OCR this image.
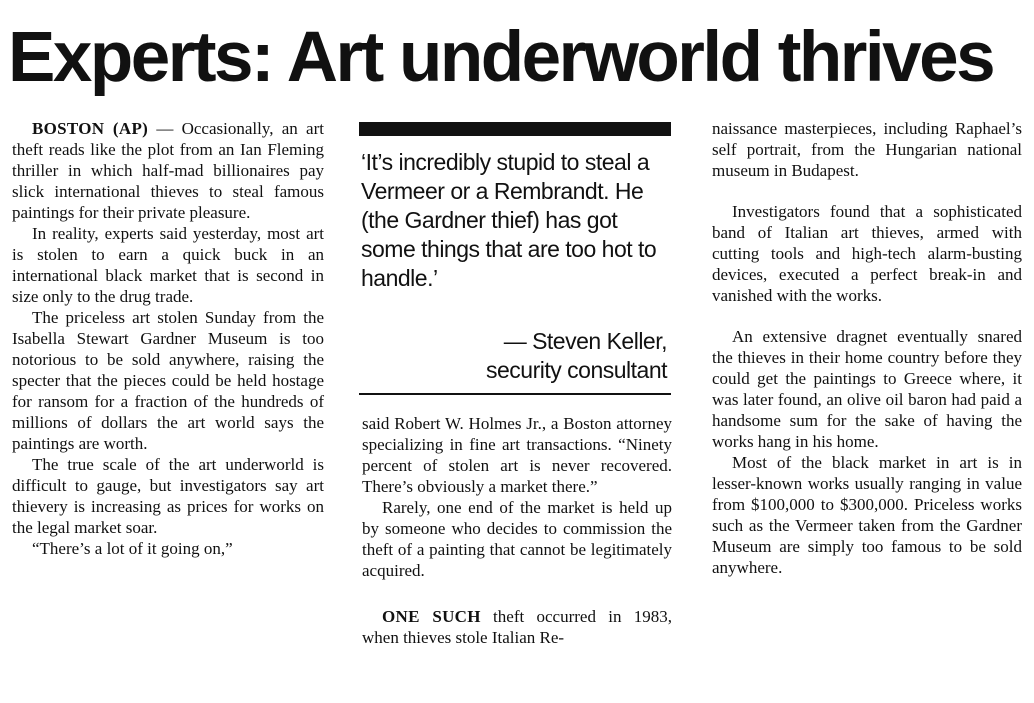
Experts: Art underworld thrives

BOSTON (AP) — Occasionally, an art theft reads like the plot from an Ian Fleming thriller in which half-mad billionaires pay slick international thieves to steal famous paintings for their private pleasure.

In reality, experts said yesterday, most art is stolen to earn a quick buck in an international black market that is second in size only to the drug trade.

The priceless art stolen Sunday from the Isabella Stewart Gardner Museum is too notorious to be sold anywhere, raising the specter that the pieces could be held hostage for ransom for a fraction of the hundreds of millions of dollars the art world says the paintings are worth.

The true scale of the art underworld is difficult to gauge, but investigators say art thievery is increasing as prices for works on the legal market soar.

“There’s a lot of it going on,”

‘It’s incredibly stupid to steal a Vermeer or a Rembrandt. He (the Gardner thief) has got some things that are too hot to handle.’

— Steven Keller,
security consultant

said Robert W. Holmes Jr., a Boston attorney specializing in fine art transactions. “Ninety percent of stolen art is never recovered. There’s obviously a market there.”

Rarely, one end of the market is held up by someone who decides to commission the theft of a painting that cannot be legitimately acquired.

ONE SUCH theft occurred in 1983, when thieves stole Italian Re-

naissance masterpieces, including Raphael’s self portrait, from the Hungarian national museum in Budapest.

Investigators found that a sophisticated band of Italian art thieves, armed with cutting tools and high-tech alarm-busting devices, executed a perfect break-in and vanished with the works.

An extensive dragnet eventually snared the thieves in their home country before they could get the paintings to Greece where, it was later found, an olive oil baron had paid a handsome sum for the sake of having the works hang in his home.

Most of the black market in art is in lesser-known works usually ranging in value from $100,000 to $300,000. Priceless works such as the Vermeer taken from the Gardner Museum are simply too famous to be sold anywhere.
